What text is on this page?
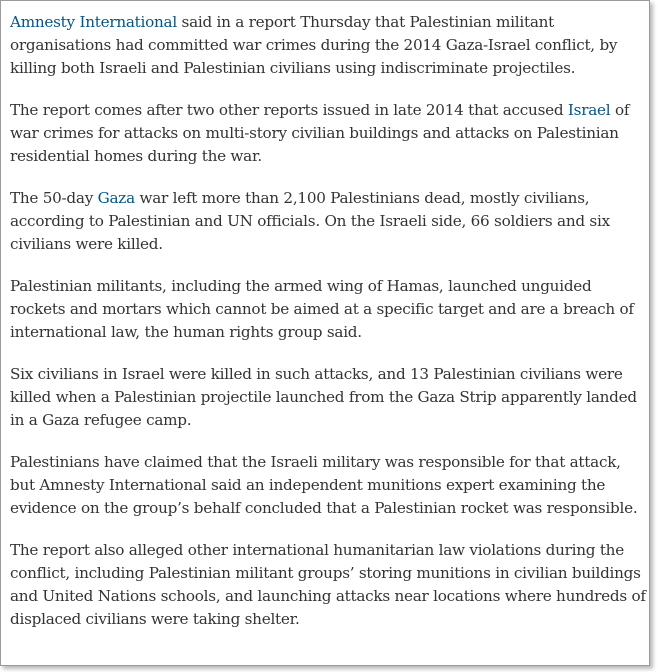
Amnesty International said in a report Thursday that Palestinian militant organisations had committed war crimes during the 2014 Gaza-Israel conflict, by killing both Israeli and Palestinian civilians using indiscriminate projectiles.

The report comes after two other reports issued in late 2014 that accused Israel of war crimes for attacks on multi-story civilian buildings and attacks on Palestinian residential homes during the war.

The 50-day Gaza war left more than 2,100 Palestinians dead, mostly civilians, according to Palestinian and UN officials. On the Israeli side, 66 soldiers and six civilians were killed.

Palestinian militants, including the armed wing of Hamas, launched unguided rockets and mortars which cannot be aimed at a specific target and are a breach of international law, the human rights group said.

Six civilians in Israel were killed in such attacks, and 13 Palestinian civilians were killed when a Palestinian projectile launched from the Gaza Strip apparently landed in a Gaza refugee camp.

Palestinians have claimed that the Israeli military was responsible for that attack, but Amnesty International said an independent munitions expert examining the evidence on the group’s behalf concluded that a Palestinian rocket was responsible.

The report also alleged other international humanitarian law violations during the conflict, including Palestinian militant groups’ storing munitions in civilian buildings and United Nations schools, and launching attacks near locations where hundreds of displaced civilians were taking shelter.
